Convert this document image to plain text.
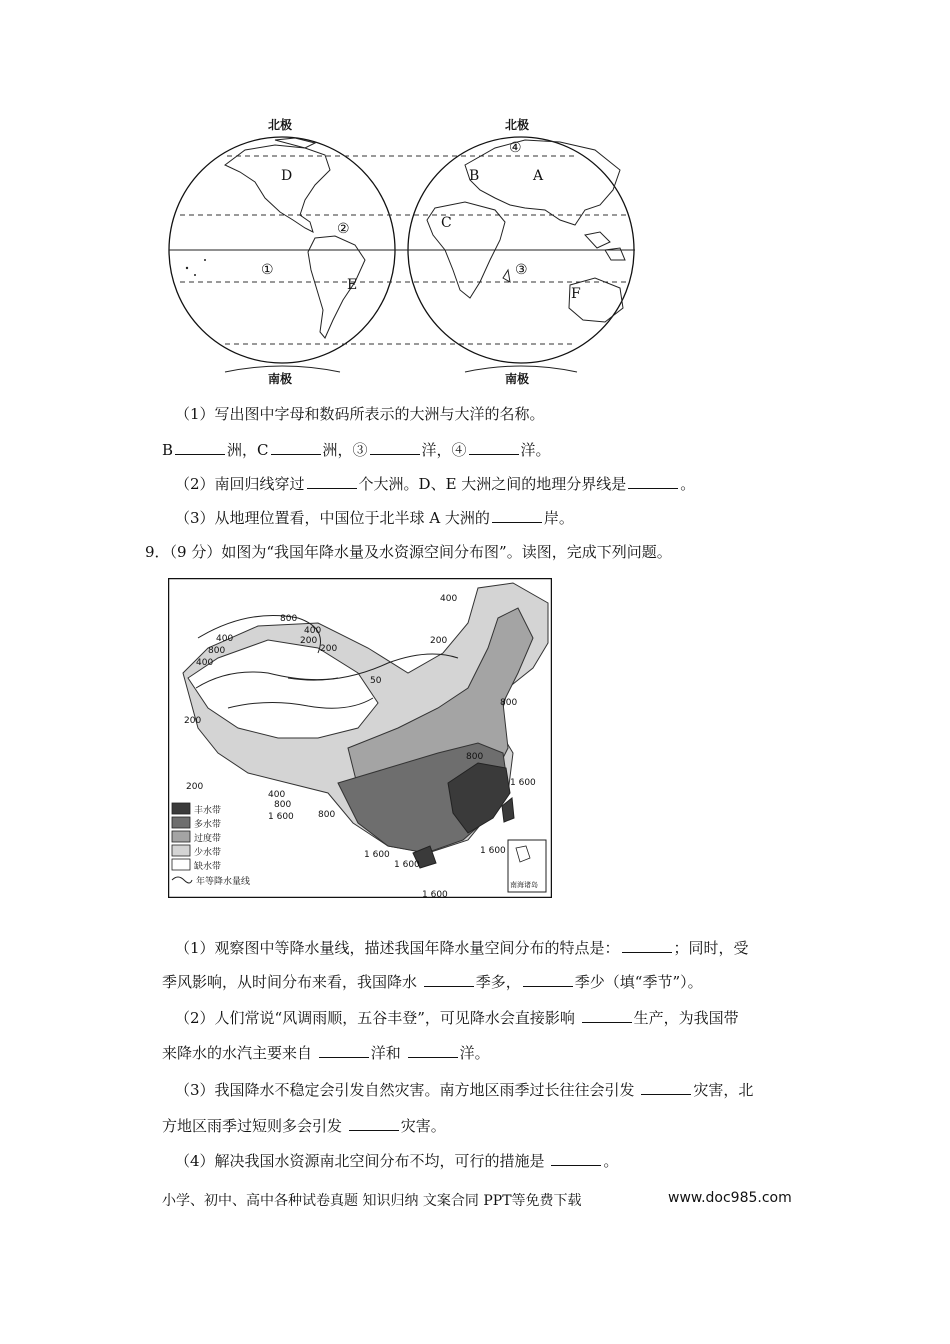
北极	北极
南极	南极
D
E
①
②
④
B	A
C
③
F
（1）写出图中字母和数码所表示的大洲与大洋的名称。
B	洲，C	洲，③	洋，④	洋。
（2）南回归线穿过	个大洲。D、E 大洲之间的地理分界线是	。
（3）从地理位置看，中国位于北半球 A 大洲的	岸。
9．（9 分）如图为“我国年降水量及水资源空间分布图”。读图，完成下列问题。
400
800
400
200
400
800	200
400
50
200
800
200
400
800
1 600
1 600
800
1 600
1 600
1 600
1 600
200
800
丰水带
多水带
过度带
少水带
缺水带
年等降水量线	南海诸岛
（1）观察图中等降水量线，描述我国年降水量空间分布的特点是：	；同时，受
季风影响，从时间分布来看，我国降水	季多，	季少（填“季节”）。
（2）人们常说“风调雨顺，五谷丰登”，可见降水会直接影响	生产，为我国带
来降水的水汽主要来自	洋和	洋。
（3）我国降水不稳定会引发自然灾害。南方地区雨季过长往往会引发	灾害，北
方地区雨季过短则多会引发	灾害。
（4）解决我国水资源南北空间分布不均，可行的措施是	。
小学、初中、高中各种试卷真题 知识归纳 文案合同 PPT等免费下载	www.doc985.com
